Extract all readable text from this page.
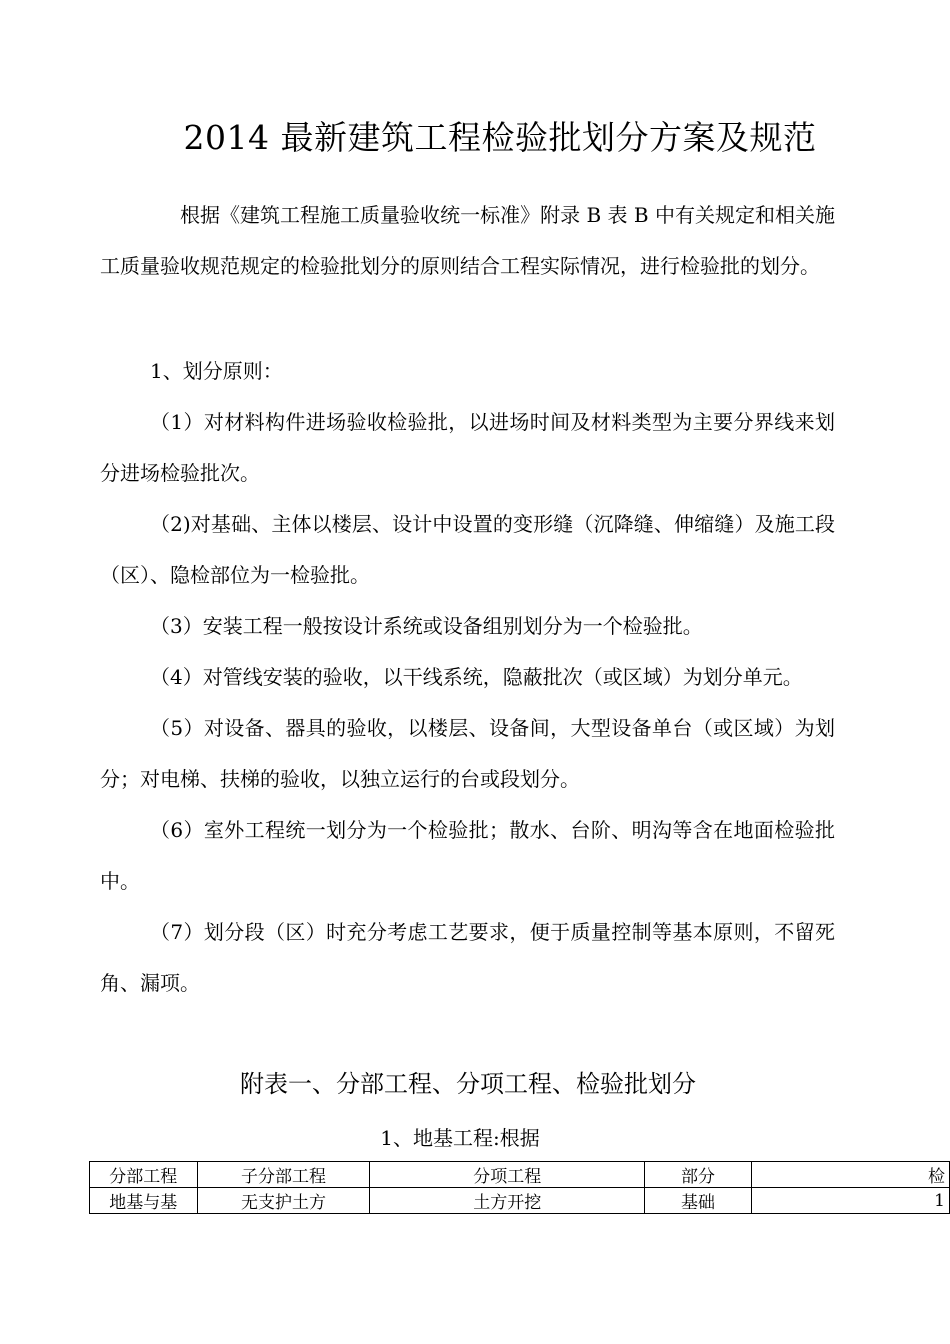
2014 最新建筑工程检验批划分方案及规范

根据《建筑工程施工质量验收统一标准》附录 B 表 B 中有关规定和相关施工质量验收规范规定的检验批划分的原则结合工程实际情况，进行检验批的划分。

1、划分原则：

（1）对材料构件进场验收检验批，以进场时间及材料类型为主要分界线来划分进场检验批次。

（2)对基础、主体以楼层、设计中设置的变形缝（沉降缝、伸缩缝）及施工段（区）、隐检部位为一检验批。

（3）安装工程一般按设计系统或设备组别划分为一个检验批。

（4）对管线安装的验收，以干线系统，隐蔽批次（或区域）为划分单元。

（5）对设备、器具的验收，以楼层、设备间，大型设备单台（或区域）为划分；对电梯、扶梯的验收，以独立运行的台或段划分。

（6）室外工程统一划分为一个检验批；散水、台阶、明沟等含在地面检验批中。

（7）划分段（区）时充分考虑工艺要求，便于质量控制等基本原则，不留死角、漏项。

附表一、分部工程、分项工程、检验批划分
1、地基工程:根据
分部工程	子分部工程	分项工程	部分	检
地基与基	无支护土方	土方开挖	基础	1
